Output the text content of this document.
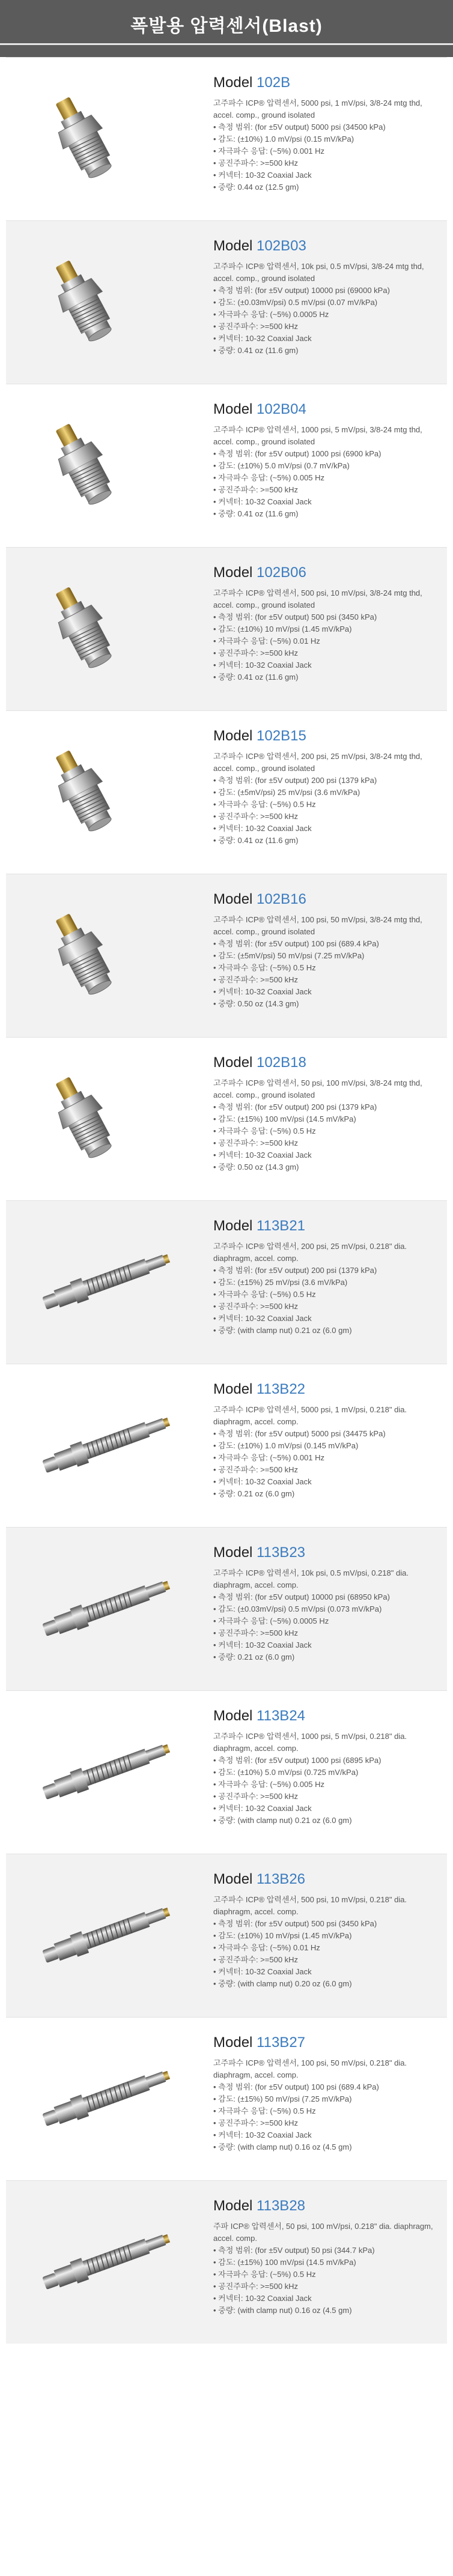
폭발용 압력센서(Blast)
Model 102B
고주파수 ICP® 압력센서, 5000 psi, 1 mV/psi, 3/8-24 mtg thd, accel. comp., ground isolated
• 측정 범위: (for ±5V output) 5000 psi (34500 kPa)
• 감도: (±10%) 1.0 mV/psi (0.15 mV/kPa)
• 자극파수 응답: (~5%) 0.001 Hz
• 공진주파수: >=500 kHz
• 커넥터: 10-32 Coaxial Jack
• 중량: 0.44 oz (12.5 gm)
Model 102B03
고주파수 ICP® 압력센서, 10k psi, 0.5 mV/psi, 3/8-24 mtg thd, accel. comp., ground isolated
• 측정 범위: (for ±5V output) 10000 psi (69000 kPa)
• 감도: (±0.03mV/psi) 0.5 mV/psi (0.07 mV/kPa)
• 자극파수 응답: (~5%) 0.0005 Hz
• 공진주파수: >=500 kHz
• 커넥터: 10-32 Coaxial Jack
• 중량: 0.41 oz (11.6 gm)
Model 102B04
고주파수 ICP® 압력센서, 1000 psi, 5 mV/psi, 3/8-24 mtg thd, accel. comp., ground isolated
• 측정 범위: (for ±5V output) 1000 psi (6900 kPa)
• 감도: (±10%) 5.0 mV/psi (0.7 mV/kPa)
• 자극파수 응답: (~5%) 0.005 Hz
• 공진주파수: >=500 kHz
• 커넥터: 10-32 Coaxial Jack
• 중량: 0.41 oz (11.6 gm)
Model 102B06
고주파수 ICP® 압력센서, 500 psi, 10 mV/psi, 3/8-24 mtg thd, accel. comp., ground isolated
• 측정 범위: (for ±5V output) 500 psi (3450 kPa)
• 감도: (±10%) 10 mV/psi (1.45 mV/kPa)
• 자극파수 응답: (~5%) 0.01 Hz
• 공진주파수: >=500 kHz
• 커넥터: 10-32 Coaxial Jack
• 중량: 0.41 oz (11.6 gm)
Model 102B15
고주파수 ICP® 압력센서, 200 psi, 25 mV/psi, 3/8-24 mtg thd, accel. comp., ground isolated
• 측정 범위: (for ±5V output) 200 psi (1379 kPa)
• 감도: (±5mV/psi) 25 mV/psi (3.6 mV/kPa)
• 자극파수 응답: (~5%) 0.5 Hz
• 공진주파수: >=500 kHz
• 커넥터: 10-32 Coaxial Jack
• 중량: 0.41 oz (11.6 gm)
Model 102B16
고주파수 ICP® 압력센서, 100 psi, 50 mV/psi, 3/8-24 mtg thd, accel. comp., ground isolated
• 측정 범위: (for ±5V output) 100 psi (689.4 kPa)
• 감도: (±5mV/psi) 50 mV/psi (7.25 mV/kPa)
• 자극파수 응답: (~5%) 0.5 Hz
• 공진주파수: >=500 kHz
• 커넥터: 10-32 Coaxial Jack
• 중량: 0.50 oz (14.3 gm)
Model 102B18
고주파수 ICP® 압력센서, 50 psi, 100 mV/psi, 3/8-24 mtg thd, accel. comp., ground isolated
• 측정 범위: (for ±5V output) 200 psi (1379 kPa)
• 감도: (±15%) 100 mV/psi (14.5 mV/kPa)
• 자극파수 응답: (~5%) 0.5 Hz
• 공진주파수: >=500 kHz
• 커넥터: 10-32 Coaxial Jack
• 중량: 0.50 oz (14.3 gm)
Model 113B21
고주파수 ICP® 압력센서, 200 psi, 25 mV/psi, 0.218" dia. diaphragm, accel. comp.
• 측정 범위: (for ±5V output) 200 psi (1379 kPa)
• 감도: (±15%) 25 mV/psi (3.6 mV/kPa)
• 자극파수 응답: (~5%) 0.5 Hz
• 공진주파수: >=500 kHz
• 커넥터: 10-32 Coaxial Jack
• 중량: (with clamp nut) 0.21 oz (6.0 gm)
Model 113B22
고주파수 ICP® 압력센서, 5000 psi, 1 mV/psi, 0.218" dia. diaphragm, accel. comp.
• 측정 범위: (for ±5V output) 5000 psi (34475 kPa)
• 감도: (±10%) 1.0 mV/psi (0.145 mV/kPa)
• 자극파수 응답: (~5%) 0.001 Hz
• 공진주파수: >=500 kHz
• 커넥터: 10-32 Coaxial Jack
• 중량: 0.21 oz (6.0 gm)
Model 113B23
고주파수 ICP® 압력센서, 10k psi, 0.5 mV/psi, 0.218" dia. diaphragm, accel. comp.
• 측정 범위: (for ±5V output) 10000 psi (68950 kPa)
• 감도: (±0.03mV/psi) 0.5 mV/psi (0.073 mV/kPa)
• 자극파수 응답: (~5%) 0.0005 Hz
• 공진주파수: >=500 kHz
• 커넥터: 10-32 Coaxial Jack
• 중량: 0.21 oz (6.0 gm)
Model 113B24
고주파수 ICP® 압력센서, 1000 psi, 5 mV/psi, 0.218" dia. diaphragm, accel. comp.
• 측정 범위: (for ±5V output) 1000 psi (6895 kPa)
• 감도: (±10%) 5.0 mV/psi (0.725 mV/kPa)
• 자극파수 응답: (~5%) 0.005 Hz
• 공진주파수: >=500 kHz
• 커넥터: 10-32 Coaxial Jack
• 중량: (with clamp nut) 0.21 oz (6.0 gm)
Model 113B26
고주파수 ICP® 압력센서, 500 psi, 10 mV/psi, 0.218" dia. diaphragm, accel. comp.
• 측정 범위: (for ±5V output) 500 psi (3450 kPa)
• 감도: (±10%) 10 mV/psi (1.45 mV/kPa)
• 자극파수 응답: (~5%) 0.01 Hz
• 공진주파수: >=500 kHz
• 커넥터: 10-32 Coaxial Jack
• 중량: (with clamp nut) 0.20 oz (6.0 gm)
Model 113B27
고주파수 ICP® 압력센서, 100 psi, 50 mV/psi, 0.218" dia. diaphragm, accel. comp.
• 측정 범위: (for ±5V output) 100 psi (689.4 kPa)
• 감도: (±15%) 50 mV/psi (7.25 mV/kPa)
• 자극파수 응답: (~5%) 0.5 Hz
• 공진주파수: >=500 kHz
• 커넥터: 10-32 Coaxial Jack
• 중량: (with clamp nut) 0.16 oz (4.5 gm)
Model 113B28
주파 ICP® 압력센서, 50 psi, 100 mV/psi, 0.218" dia. diaphragm, accel. comp.
• 측정 범위: (for ±5V output) 50 psi (344.7 kPa)
• 감도: (±15%) 100 mV/psi (14.5 mV/kPa)
• 자극파수 응답: (~5%) 0.5 Hz
• 공진주파수: >=500 kHz
• 커넥터: 10-32 Coaxial Jack
• 중량: (with clamp nut) 0.16 oz (4.5 gm)
